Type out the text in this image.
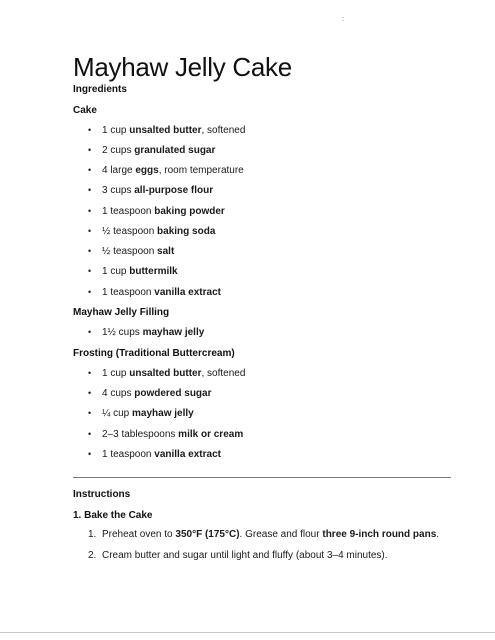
:
Mayhaw Jelly Cake
Ingredients
Cake
• 1 cup unsalted butter, softened
• 2 cups granulated sugar
• 4 large eggs, room temperature
• 3 cups all-purpose flour
• 1 teaspoon baking powder
• ½ teaspoon baking soda
• ½ teaspoon salt
• 1 cup buttermilk
• 1 teaspoon vanilla extract
Mayhaw Jelly Filling
• 1½ cups mayhaw jelly
Frosting (Traditional Buttercream)
• 1 cup unsalted butter, softened
• 4 cups powdered sugar
• ¼ cup mayhaw jelly
• 2–3 tablespoons milk or cream
• 1 teaspoon vanilla extract
Instructions
1. Bake the Cake
1. Preheat oven to 350°F (175°C). Grease and flour three 9-inch round pans.
2. Cream butter and sugar until light and fluffy (about 3–4 minutes).
